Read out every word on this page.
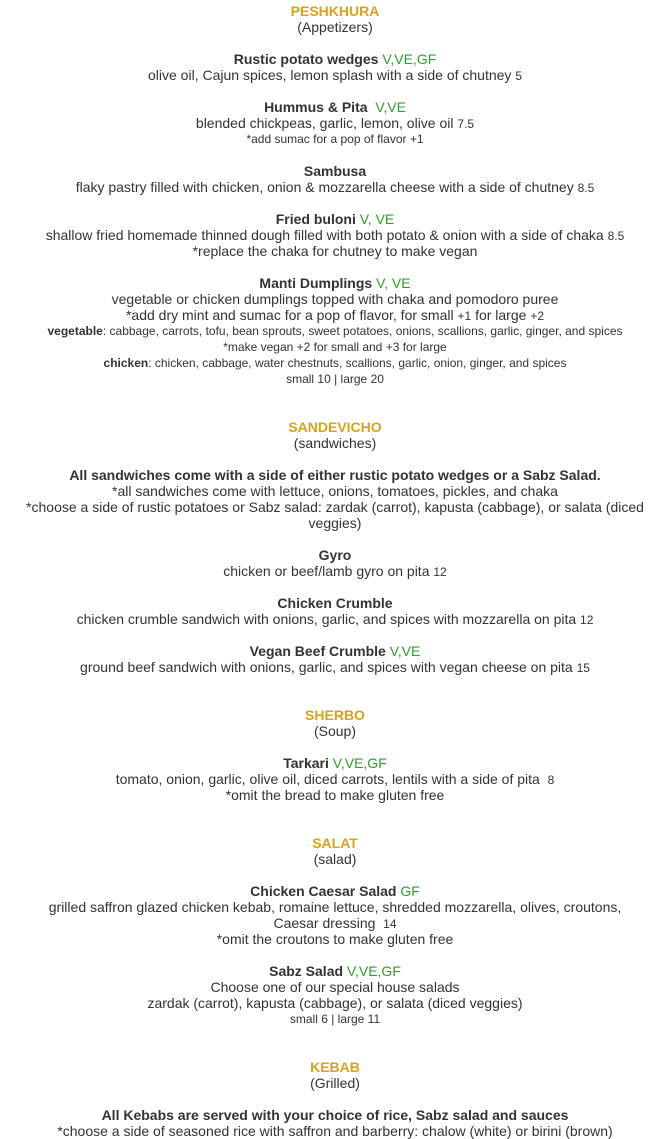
PESHKHURA
(Appetizers)
Rustic potato wedges V,VE,GF
olive oil, Cajun spices, lemon splash with a side of chutney 5
Hummus & Pita V,VE
blended chickpeas, garlic, lemon, olive oil 7.5
*add sumac for a pop of flavor +1
Sambusa
flaky pastry filled with chicken, onion & mozzarella cheese with a side of chutney 8.5
Fried buloni V, VE
shallow fried homemade thinned dough filled with both potato & onion with a side of chaka 8.5
*replace the chaka for chutney to make vegan
Manti Dumplings V, VE
vegetable or chicken dumplings topped with chaka and pomodoro puree
*add dry mint and sumac for a pop of flavor, for small +1 for large +2
vegetable: cabbage, carrots, tofu, bean sprouts, sweet potatoes, onions, scallions, garlic, ginger, and spices
*make vegan +2 for small and +3 for large
chicken: chicken, cabbage, water chestnuts, scallions, garlic, onion, ginger, and spices
small 10 | large 20
SANDEVICHO
(sandwiches)
All sandwiches come with a side of either rustic potato wedges or a Sabz Salad.
*all sandwiches come with lettuce, onions, tomatoes, pickles, and chaka
*choose a side of rustic potatoes or Sabz salad: zardak (carrot), kapusta (cabbage), or salata (diced veggies)
Gyro
chicken or beef/lamb gyro on pita 12
Chicken Crumble
chicken crumble sandwich with onions, garlic, and spices with mozzarella on pita 12
Vegan Beef Crumble V,VE
ground beef sandwich with onions, garlic, and spices with vegan cheese on pita 15
SHERBO
(Soup)
Tarkari V,VE,GF
tomato, onion, garlic, olive oil, diced carrots, lentils with a side of pita 8
*omit the bread to make gluten free
SALAT
(salad)
Chicken Caesar Salad GF
grilled saffron glazed chicken kebab, romaine lettuce, shredded mozzarella, olives, croutons,
Caesar dressing 14
*omit the croutons to make gluten free
Sabz Salad V,VE,GF
Choose one of our special house salads
zardak (carrot), kapusta (cabbage), or salata (diced veggies)
small 6 | large 11
KEBAB
(Grilled)
All Kebabs are served with your choice of rice, Sabz salad and sauces
*choose a side of seasoned rice with saffron and barberry: chalow (white) or birini (brown)
